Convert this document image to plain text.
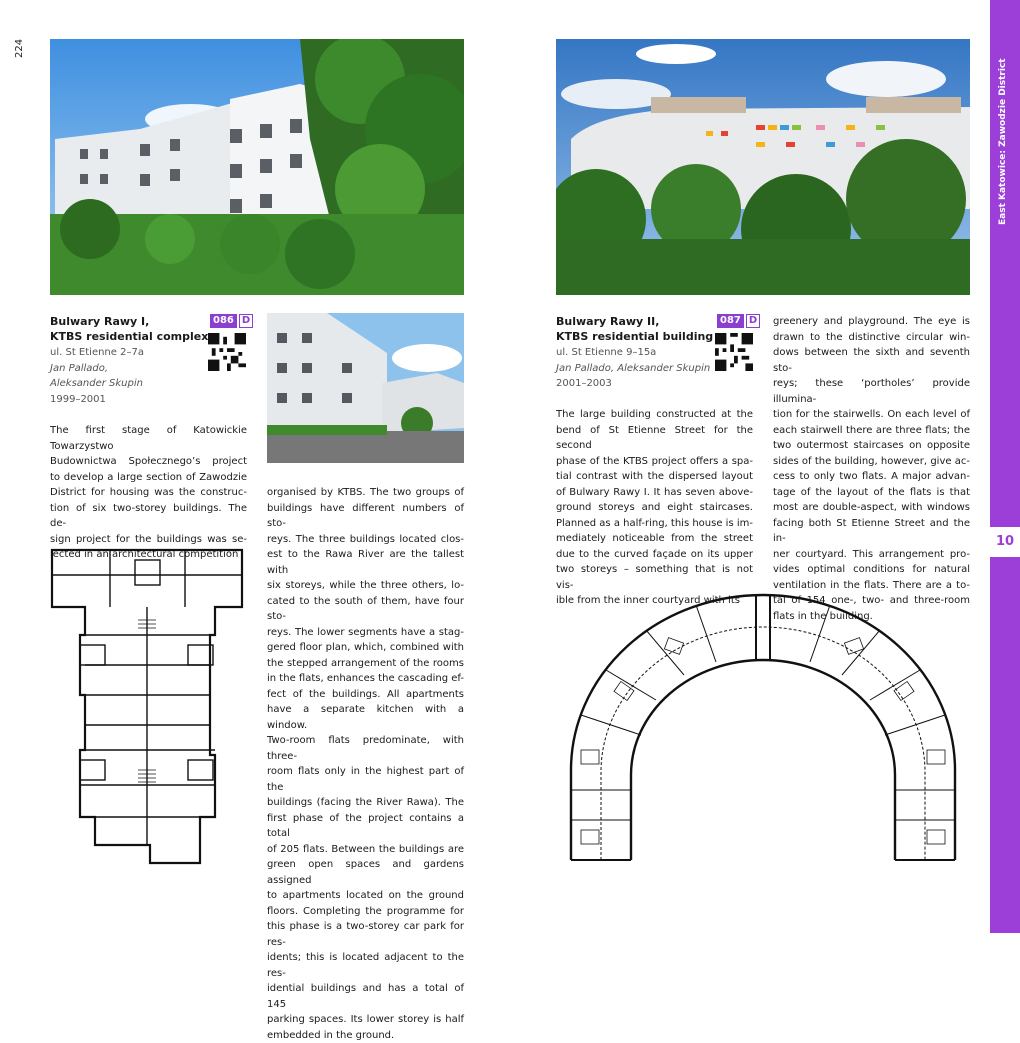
224
East Katowice: Zawodzie District
10
Bulwary Rawy I,
KTBS residential complex
086 D
ul. St Etienne 2–7a
Jan Pallado,
Aleksander Skupin
1999–2001
The first stage of Katowickie Towarzystwo
Budownictwa Społecznego’s project
to develop a large section of Zawodzie
District for housing was the construc-
tion of six two-storey buildings. The de-
sign project for the buildings was se-
lected in an architectural competition
organised by KTBS. The two groups of
buildings have different numbers of sto-
reys. The three buildings located clos-
est to the Rawa River are the tallest with
six storeys, while the three others, lo-
cated to the south of them, have four sto-
reys. The lower segments have a stag-
gered floor plan, which, combined with
the stepped arrangement of the rooms
in the flats, enhances the cascading ef-
fect of the buildings. All apartments
have a separate kitchen with a window.
Two-room flats predominate, with three-
room flats only in the highest part of the
buildings (facing the River Rawa). The
first phase of the project contains a total
of 205 flats. Between the buildings are
green open spaces and gardens assigned
to apartments located on the ground
floors. Completing the programme for
this phase is a two-storey car park for res-
idents; this is located adjacent to the res-
idential buildings and has a total of 145
parking spaces. Its lower storey is half
embedded in the ground.
Bulwary Rawy II,
KTBS residential building
087 D
ul. St Etienne 9–15a
Jan Pallado, Aleksander Skupin
2001–2003
The large building constructed at the
bend of St Etienne Street for the second
phase of the KTBS project offers a spa-
tial contrast with the dispersed layout
of Bulwary Rawy I. It has seven above-
ground storeys and eight staircases.
Planned as a half-ring, this house is im-
mediately noticeable from the street
due to the curved façade on its upper
two storeys – something that is not vis-
ible from the inner courtyard with its
greenery and playground. The eye is
drawn to the distinctive circular win-
dows between the sixth and seventh sto-
reys; these ‘portholes’ provide illumina-
tion for the stairwells. On each level of
each stairwell there are three flats; the
two outermost staircases on opposite
sides of the building, however, give ac-
cess to only two flats. A major advan-
tage of the layout of the flats is that
most are double-aspect, with windows
facing both St Etienne Street and the in-
ner courtyard. This arrangement pro-
vides optimal conditions for natural
ventilation in the flats. There are a to-
tal of 154 one-, two- and three-room
flats in the building.
